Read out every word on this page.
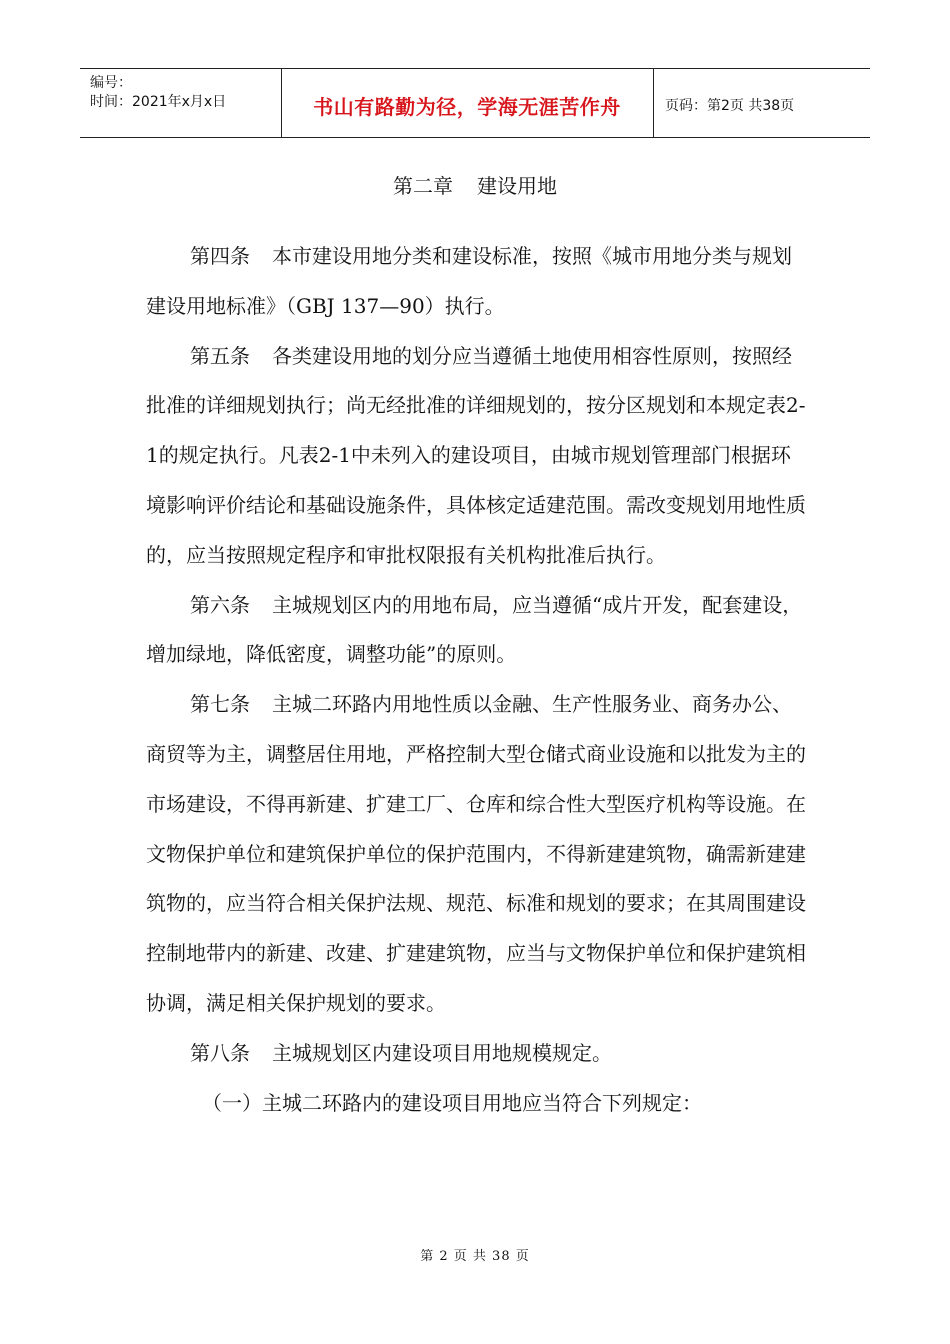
编号：
时间：2021年x月x日	书山有路勤为径，学海无涯苦作舟	页码：第2页 共38页
第二章 建设用地

第四条 本市建设用地分类和建设标准，按照《城市用地分类与规划建设用地标准》（GBJ 137—90）执行。

第五条 各类建设用地的划分应当遵循土地使用相容性原则，按照经批准的详细规划执行；尚无经批准的详细规划的，按分区规划和本规定表2-1的规定执行。凡表2-1中未列入的建设项目，由城市规划管理部门根据环境影响评价结论和基础设施条件，具体核定适建范围。需改变规划用地性质的，应当按照规定程序和审批权限报有关机构批准后执行。

第六条 主城规划区内的用地布局，应当遵循“成片开发，配套建设，增加绿地，降低密度，调整功能”的原则。

第七条 主城二环路内用地性质以金融、生产性服务业、商务办公、商贸等为主，调整居住用地，严格控制大型仓储式商业设施和以批发为主的市场建设，不得再新建、扩建工厂、仓库和综合性大型医疗机构等设施。在文物保护单位和建筑保护单位的保护范围内，不得新建建筑物，确需新建建筑物的，应当符合相关保护法规、规范、标准和规划的要求；在其周围建设控制地带内的新建、改建、扩建建筑物，应当与文物保护单位和保护建筑相协调，满足相关保护规划的要求。

第八条 主城规划区内建设项目用地规模规定。

（一）主城二环路内的建设项目用地应当符合下列规定：

第 2 页 共 38 页
